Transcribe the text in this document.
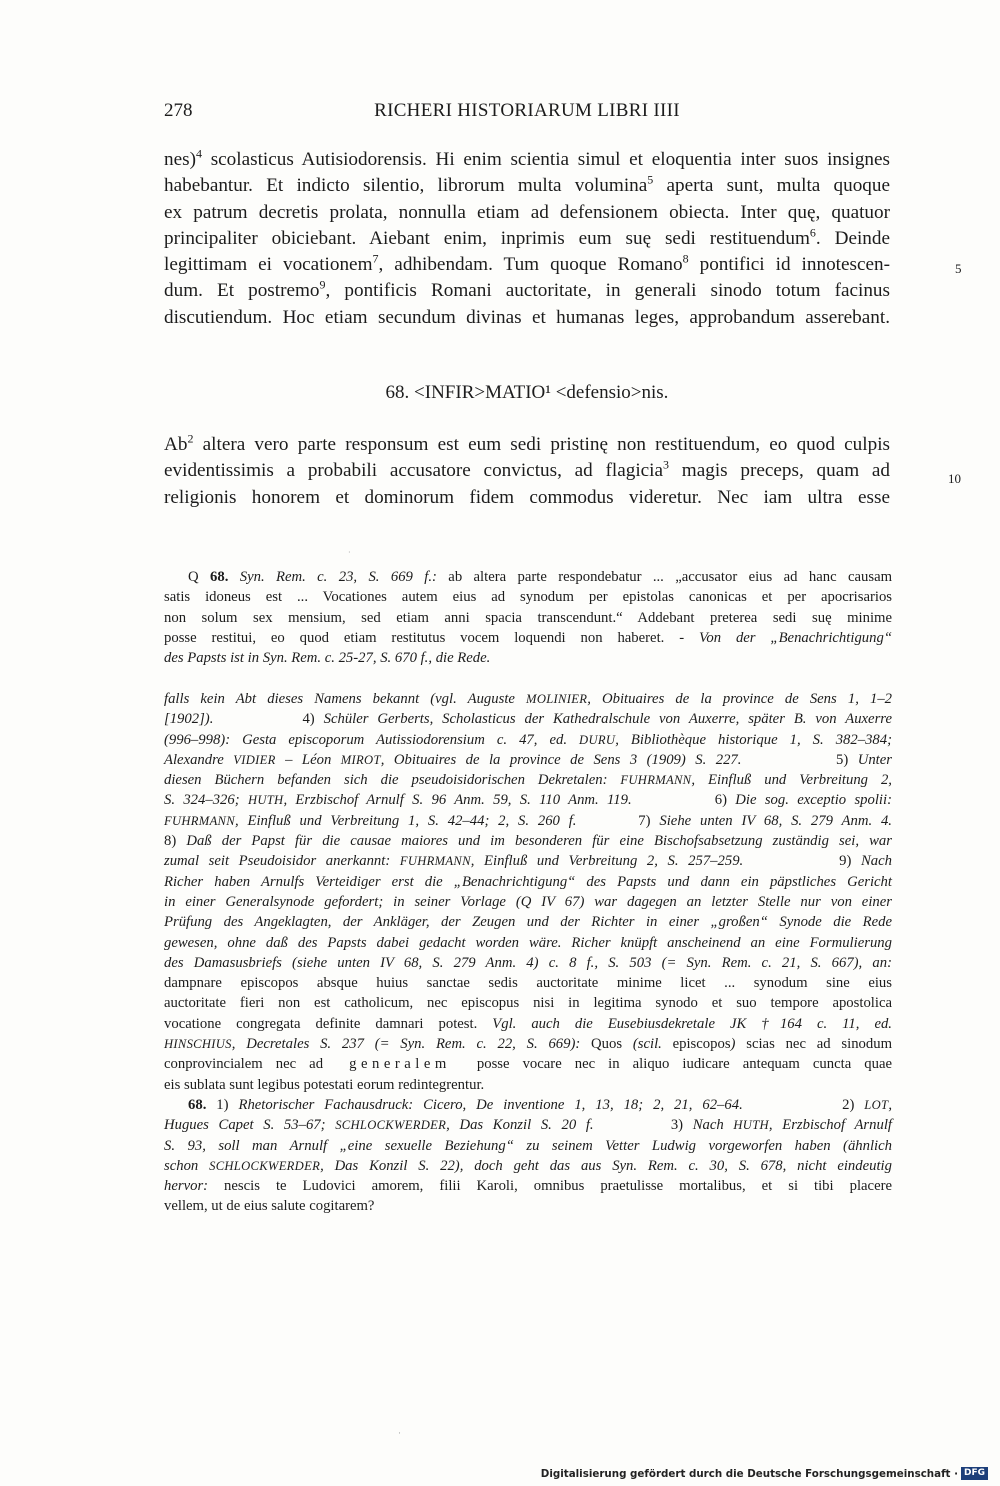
278	RICHERI HISTORIARUM LIBRI IIII
nes)$^4$ scolasticus Autisiodorensis. Hi enim scientia simul et eloquentia inter suos insignes
habebantur. Et indicto silentio, librorum multa volumina$^5$ aperta sunt, multa quoque
ex patrum decretis prolata, nonnulla etiam ad defensionem obiecta. Inter quę, quatuor
principaliter obiciebant. Aiebant enim, inprimis eum suę sedi restituendum$^6$. Deinde
legittimam ei vocationem$^7$, adhibendam. Tum quoque Romano$^8$ pontifici id innotescen-
dum. Et postremo$^9$, pontificis Romani auctoritate, in generali sinodo totum facinus
discutiendum. Hoc etiam secundum divinas et humanas leges, approbandum asserebant.
5
68. <INFIR>MATIO¹ <defensio>nis.
Ab$^2$ altera vero parte responsum est eum sedi pristinę non restituendum, eo quod culpis
evidentissimis a probabili accusatore convictus, ad flagicia$^3$ magis preceps, quam ad
religionis honorem et dominorum fidem commodus videretur. Nec iam ultra esse
10
·
Q 68. Syn. Rem. c. 23, S. 669 f.: ab altera parte respondebatur ... „accusator eius ad hanc causam
satis idoneus est ... Vocationes autem eius ad synodum per epistolas canonicas et per apocrisarios
non solum sex mensium, sed etiam anni spacia transcendunt.“ Addebant preterea sedi suę minime
posse restitui, eo quod etiam restitutus vocem loquendi non haberet. - Von der „Benachrichtigung“
des Papsts ist in Syn. Rem. c. 25-27, S. 670 f., die Rede.
falls kein Abt dieses Namens bekannt (vgl. Auguste MOLINIER, Obituaires de la province de Sens 1, 1–2
[1902]).          4) Schüler Gerberts, Scholasticus der Kathedralschule von Auxerre, später B. von Auxerre
(996–998): Gesta episcoporum Autissiodorensium c. 47, ed. DURU, Bibliothèque historique 1, S. 382–384;
Alexandre VIDIER – Léon MIROT, Obituaires de la province de Sens 3 (1909) S. 227.          5) Unter
diesen Büchern befanden sich die pseudoisidorischen Dekretalen: FUHRMANN, Einfluß und Verbreitung 2,
S. 324–326; HUTH, Erzbischof Arnulf S. 96 Anm. 59, S. 110 Anm. 119.          6) Die sog. exceptio spolii:
FUHRMANN, Einfluß und Verbreitung 1, S. 42–44; 2, S. 260 f.       7) Siehe unten IV 68, S. 279 Anm. 4.
8) Daß der Papst für die causae maiores und im besonderen für eine Bischofsabsetzung zuständig sei, war
zumal seit Pseudoisidor anerkannt: FUHRMANN, Einfluß und Verbreitung 2, S. 257–259.          9) Nach
Richer haben Arnulfs Verteidiger erst die „Benachrichtigung“ des Papsts und dann ein päpstliches Gericht
in einer Generalsynode gefordert; in seiner Vorlage (Q IV 67) war dagegen an letzter Stelle nur von einer
Prüfung des Angeklagten, der Ankläger, der Zeugen und der Richter in einer „großen“ Synode die Rede
gewesen, ohne daß des Papsts dabei gedacht worden wäre. Richer knüpft anscheinend an eine Formulierung
des Damasusbriefs (siehe unten IV 68, S. 279 Anm. 4) c. 8 f., S. 503 (= Syn. Rem. c. 21, S. 667), an:
dampnare episcopos absque huius sanctae sedis auctoritate minime licet ... synodum sine eius
auctoritate fieri non est catholicum, nec episcopus nisi in legitima synodo et suo tempore apostolica
vocatione congregata definite damnari potest. Vgl. auch die Eusebiusdekretale JK †164 c. 11, ed.
HINSCHIUS, Decretales S. 237 (= Syn. Rem. c. 22, S. 669): Quos (scil. episcopos) scias nec ad sinodum
conprovincialem nec ad  generalem  posse vocare nec in aliquo iudicare antequam cuncta quae
eis sublata sunt legibus potestati eorum redintegrentur.
68. 1) Rhetorischer Fachausdruck: Cicero, De inventione 1, 13, 18; 2, 21, 62–64.          2) LOT,
Hugues Capet S. 53–67; SCHLOCKWERDER, Das Konzil S. 20 f.        3) Nach HUTH, Erzbischof Arnulf
S. 93, soll man Arnulf „eine sexuelle Beziehung“ zu seinem Vetter Ludwig vorgeworfen haben (ähnlich
schon SCHLOCKWERDER, Das Konzil S. 22), doch geht das aus Syn. Rem. c. 30, S. 678, nicht eindeutig
hervor: nescis te Ludovici amorem, filii Karoli, omnibus praetulisse mortalibus, et si tibi placere
vellem, ut de eius salute cogitarem?
·
Digitalisierung gefördert durch die Deutsche Forschungsgemeinschaft · DFG
